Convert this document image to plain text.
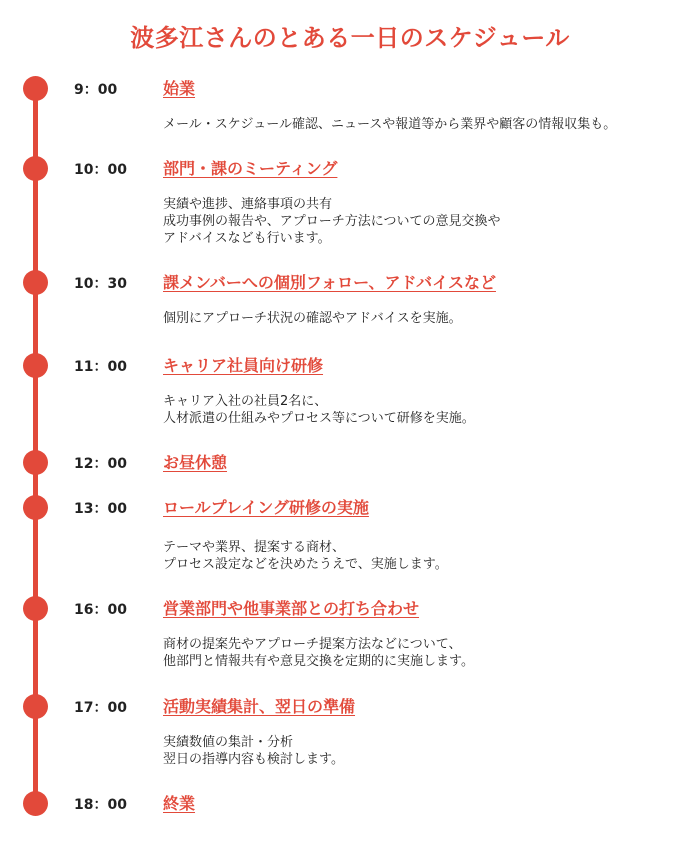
波多江さんのとある一日のスケジュール
9：00	始業
メール・スケジュール確認、ニュースや報道等から業界や顧客の情報収集も。
10：00 部門・課のミーティング
実績や進捗、連絡事項の共有
成功事例の報告や、アプローチ方法についての意見交換や
アドバイスなども行います。
10：30 課メンバーへの個別フォロー、アドバイスなど
個別にアプローチ状況の確認やアドバイスを実施。
11：00 キャリア社員向け研修
キャリア入社の社員2名に、
人材派遣の仕組みやプロセス等について研修を実施。
12：00 お昼休憩
13：00 ロールプレイング研修の実施
テーマや業界、提案する商材、
プロセス設定などを決めたうえで、実施します。
16：00 営業部門や他事業部との打ち合わせ
商材の提案先やアプローチ提案方法などについて、
他部門と情報共有や意見交換を定期的に実施します。
17：00 活動実績集計、翌日の準備
実績数値の集計・分析
翌日の指導内容も検討します。
18：00 終業
